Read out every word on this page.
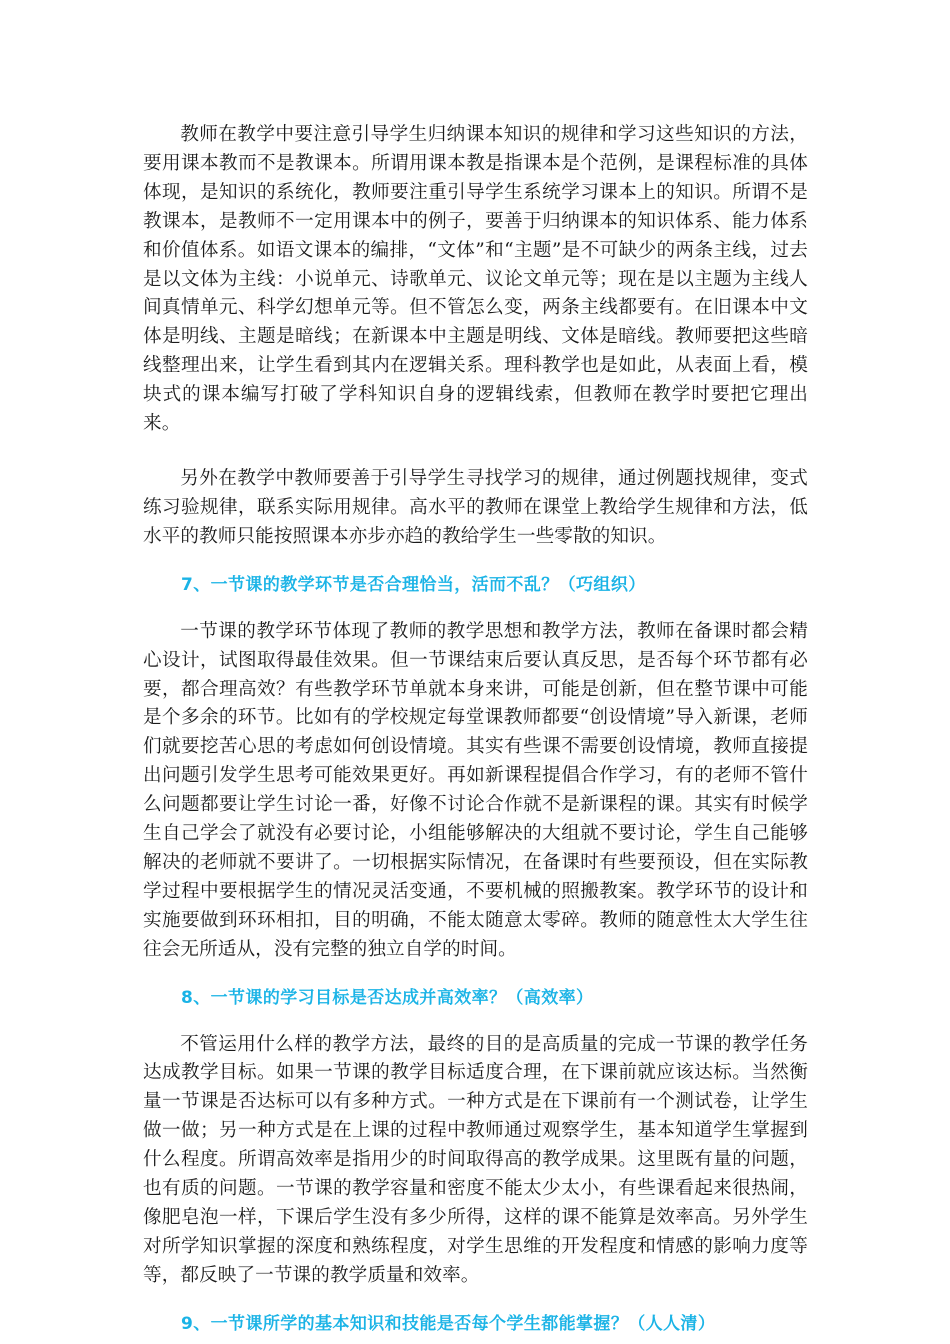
教师在教学中要注意引导学生归纳课本知识的规律和学习这些知识的方法，要用课本教而不是教课本。所谓用课本教是指课本是个范例，是课程标准的具体体现，是知识的系统化，教师要注重引导学生系统学习课本上的知识。所谓不是教课本，是教师不一定用课本中的例子，要善于归纳课本的知识体系、能力体系和价值体系。如语文课本的编排，“文体”和“主题”是不可缺少的两条主线，过去是以文体为主线：小说单元、诗歌单元、议论文单元等；现在是以主题为主线人间真情单元、科学幻想单元等。但不管怎么变，两条主线都要有。在旧课本中文体是明线、主题是暗线；在新课本中主题是明线、文体是暗线。教师要把这些暗线整理出来，让学生看到其内在逻辑关系。理科教学也是如此，从表面上看，模块式的课本编写打破了学科知识自身的逻辑线索，但教师在教学时要把它理出来。

另外在教学中教师要善于引导学生寻找学习的规律，通过例题找规律，变式练习验规律，联系实际用规律。高水平的教师在课堂上教给学生规律和方法，低水平的教师只能按照课本亦步亦趋的教给学生一些零散的知识。

7、一节课的教学环节是否合理恰当，活而不乱？（巧组织）

一节课的教学环节体现了教师的教学思想和教学方法，教师在备课时都会精心设计，试图取得最佳效果。但一节课结束后要认真反思，是否每个环节都有必要，都合理高效？有些教学环节单就本身来讲，可能是创新，但在整节课中可能是个多余的环节。比如有的学校规定每堂课教师都要“创设情境”导入新课，老师们就要挖苦心思的考虑如何创设情境。其实有些课不需要创设情境，教师直接提出问题引发学生思考可能效果更好。再如新课程提倡合作学习，有的老师不管什么问题都要让学生讨论一番，好像不讨论合作就不是新课程的课。其实有时候学生自己学会了就没有必要讨论，小组能够解决的大组就不要讨论，学生自己能够解决的老师就不要讲了。一切根据实际情况，在备课时有些要预设，但在实际教学过程中要根据学生的情况灵活变通，不要机械的照搬教案。教学环节的设计和实施要做到环环相扣，目的明确，不能太随意太零碎。教师的随意性太大学生往往会无所适从，没有完整的独立自学的时间。

8、一节课的学习目标是否达成并高效率？（高效率）

不管运用什么样的教学方法，最终的目的是高质量的完成一节课的教学任务达成教学目标。如果一节课的教学目标适度合理，在下课前就应该达标。当然衡量一节课是否达标可以有多种方式。一种方式是在下课前有一个测试卷，让学生做一做；另一种方式是在上课的过程中教师通过观察学生，基本知道学生掌握到什么程度。所谓高效率是指用少的时间取得高的教学成果。这里既有量的问题，也有质的问题。一节课的教学容量和密度不能太少太小，有些课看起来很热闹，像肥皂泡一样，下课后学生没有多少所得，这样的课不能算是效率高。另外学生对所学知识掌握的深度和熟练程度，对学生思维的开发程度和情感的影响力度等等，都反映了一节课的教学质量和效率。

9、一节课所学的基本知识和技能是否每个学生都能掌握？（人人清）
